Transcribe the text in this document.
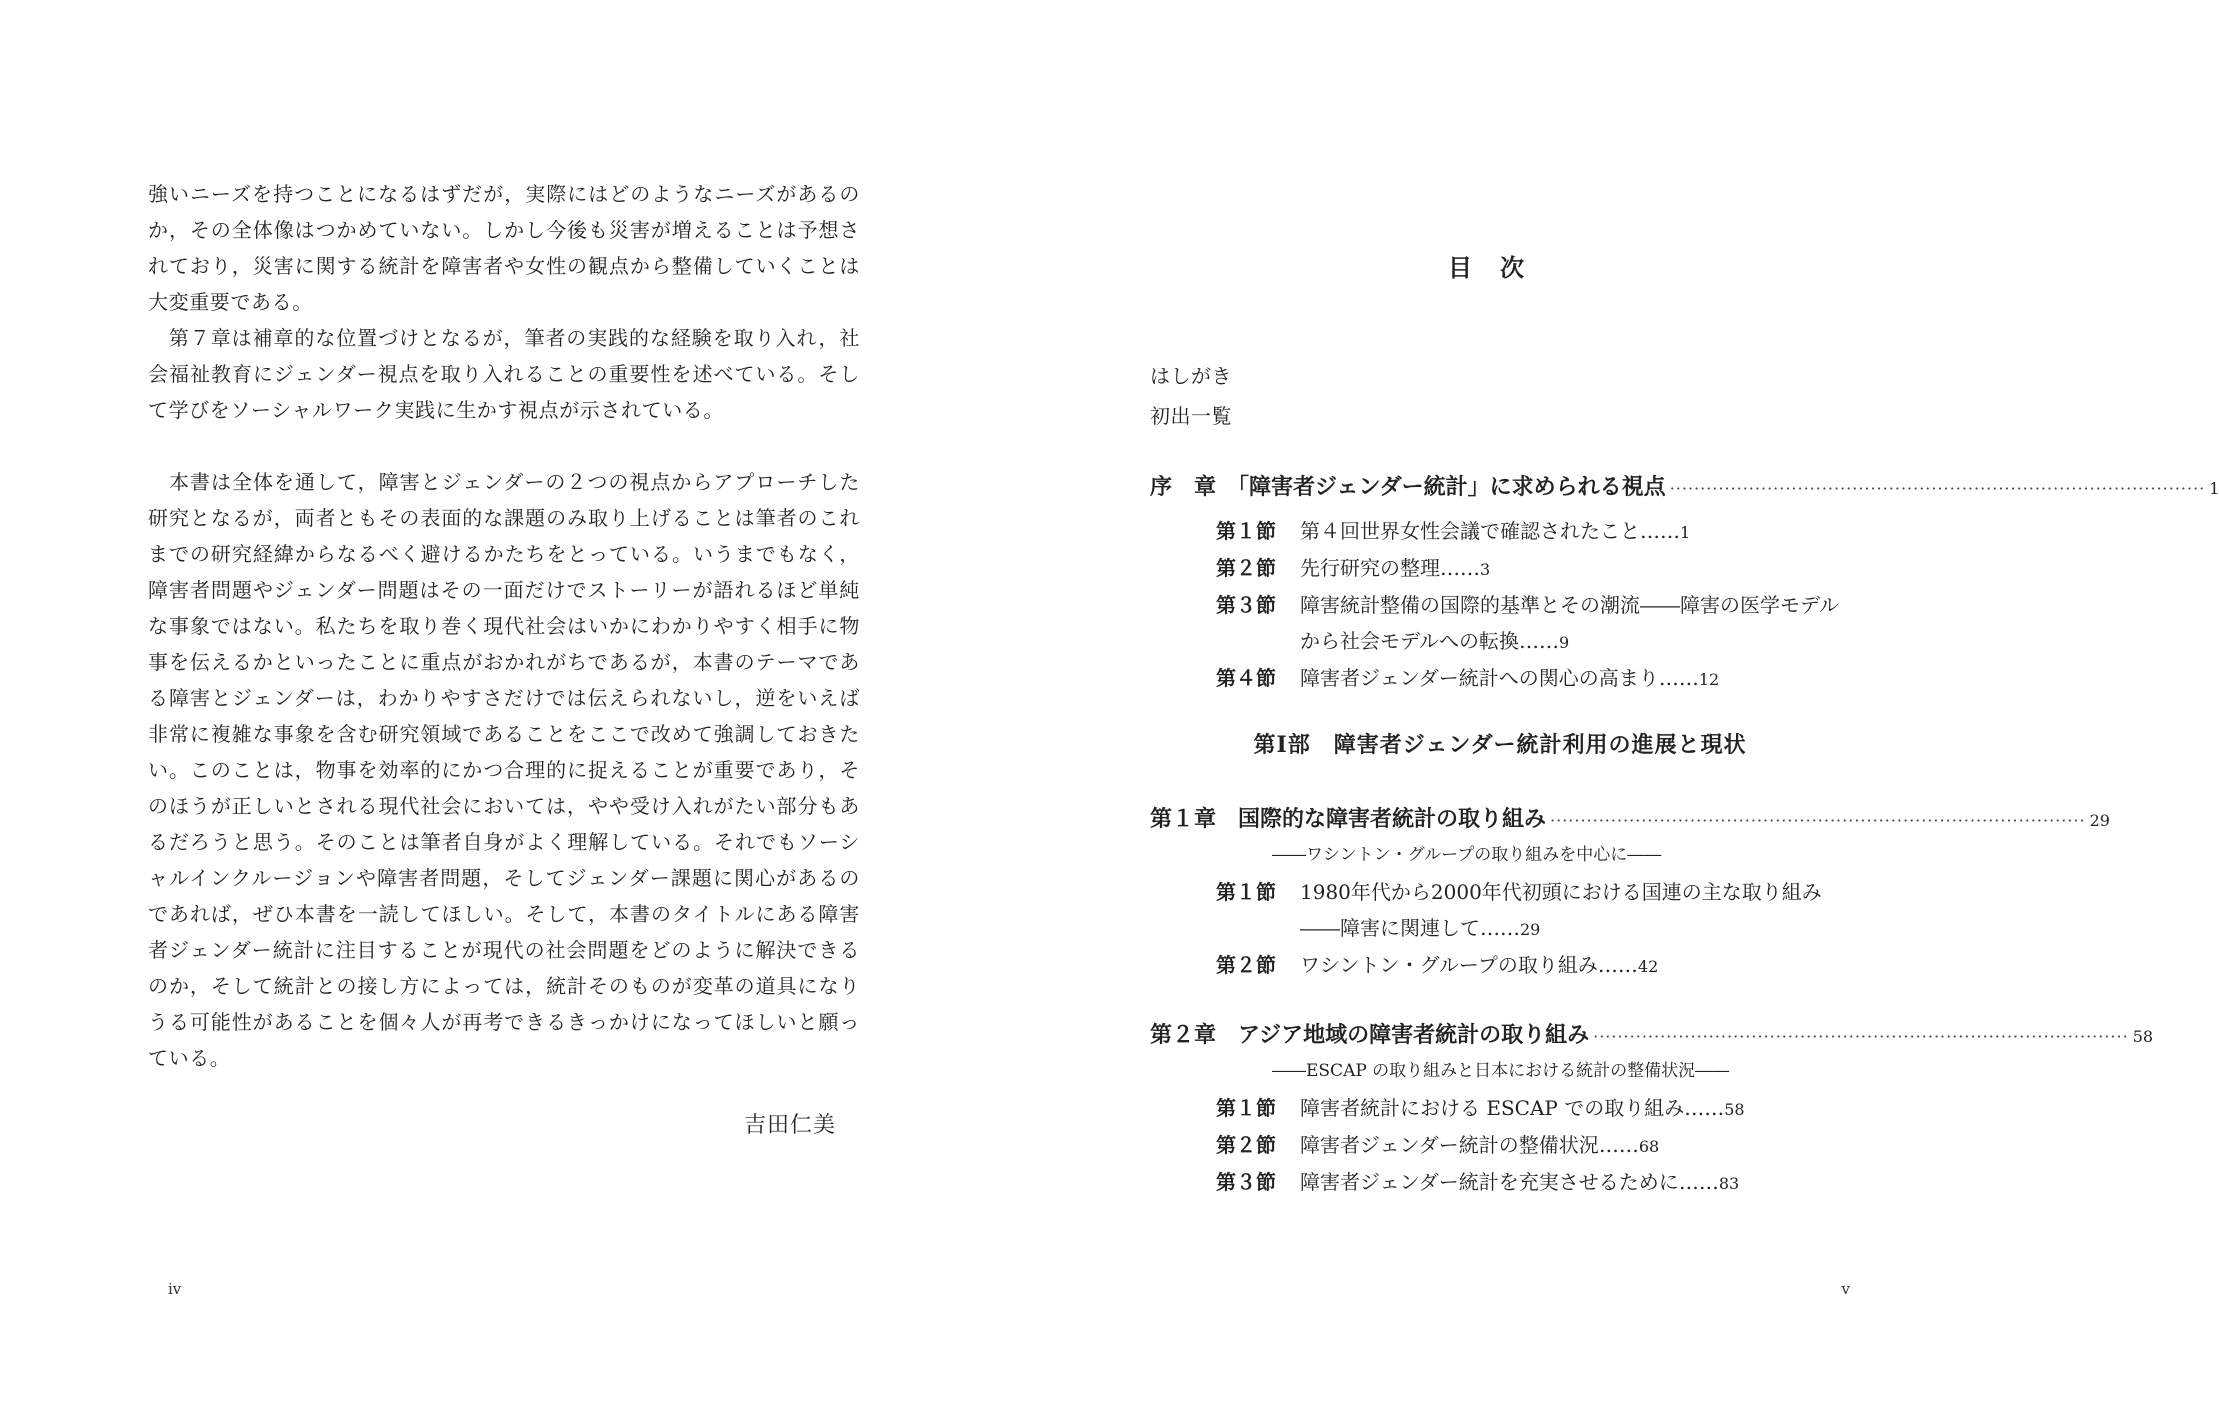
強いニーズを持つことになるはずだが，実際にはどのようなニーズがあるのか，その全体像はつかめていない。しかし今後も災害が増えることは予想されており，災害に関する統計を障害者や女性の観点から整備していくことは大変重要である。

　第７章は補章的な位置づけとなるが，筆者の実践的な経験を取り入れ，社会福祉教育にジェンダー視点を取り入れることの重要性を述べている。そして学びをソーシャルワーク実践に生かす視点が示されている。

　本書は全体を通して，障害とジェンダーの２つの視点からアプローチした研究となるが，両者ともその表面的な課題のみ取り上げることは筆者のこれまでの研究経緯からなるべく避けるかたちをとっている。いうまでもなく，障害者問題やジェンダー問題はその一面だけでストーリーが語れるほど単純な事象ではない。私たちを取り巻く現代社会はいかにわかりやすく相手に物事を伝えるかといったことに重点がおかれがちであるが，本書のテーマである障害とジェンダーは，わかりやすさだけでは伝えられないし，逆をいえば非常に複雑な事象を含む研究領域であることをここで改めて強調しておきたい。このことは，物事を効率的にかつ合理的に捉えることが重要であり，そのほうが正しいとされる現代社会においては，やや受け入れがたい部分もあるだろうと思う。そのことは筆者自身がよく理解している。それでもソーシャルインクルージョンや障害者問題，そしてジェンダー課題に関心があるのであれば，ぜひ本書を一読してほしい。そして，本書のタイトルにある障害者ジェンダー統計に注目することが現代の社会問題をどのように解決できるのか，そして統計との接し方によっては，統計そのものが変革の道具になりうる可能性があることを個々人が再考できるきっかけになってほしいと願っている。

吉田仁美
iv
目次
はしがき
初出一覧
序　章　「障害者ジェンダー統計」に求められる視点 ························································································ 1
第１節 第４回世界女性会議で確認されたこと……1
第２節 先行研究の整理……3
第３節 障害統計整備の国際的基準とその潮流――障害の医学モデル
から社会モデルへの転換……9
第４節 障害者ジェンダー統計への関心の高まり……12
第Ⅰ部　障害者ジェンダー統計利用の進展と現状
第１章　国際的な障害者統計の取り組み ························································································ 29
――ワシントン・グループの取り組みを中心に――
第１節 1980年代から2000年代初頭における国連の主な取り組み
――障害に関連して……29
第２節 ワシントン・グループの取り組み……42
第２章　アジア地域の障害者統計の取り組み ························································································ 58
――ESCAP の取り組みと日本における統計の整備状況――
第１節 障害者統計における ESCAP での取り組み……58
第２節 障害者ジェンダー統計の整備状況……68
第３節 障害者ジェンダー統計を充実させるために……83
v
